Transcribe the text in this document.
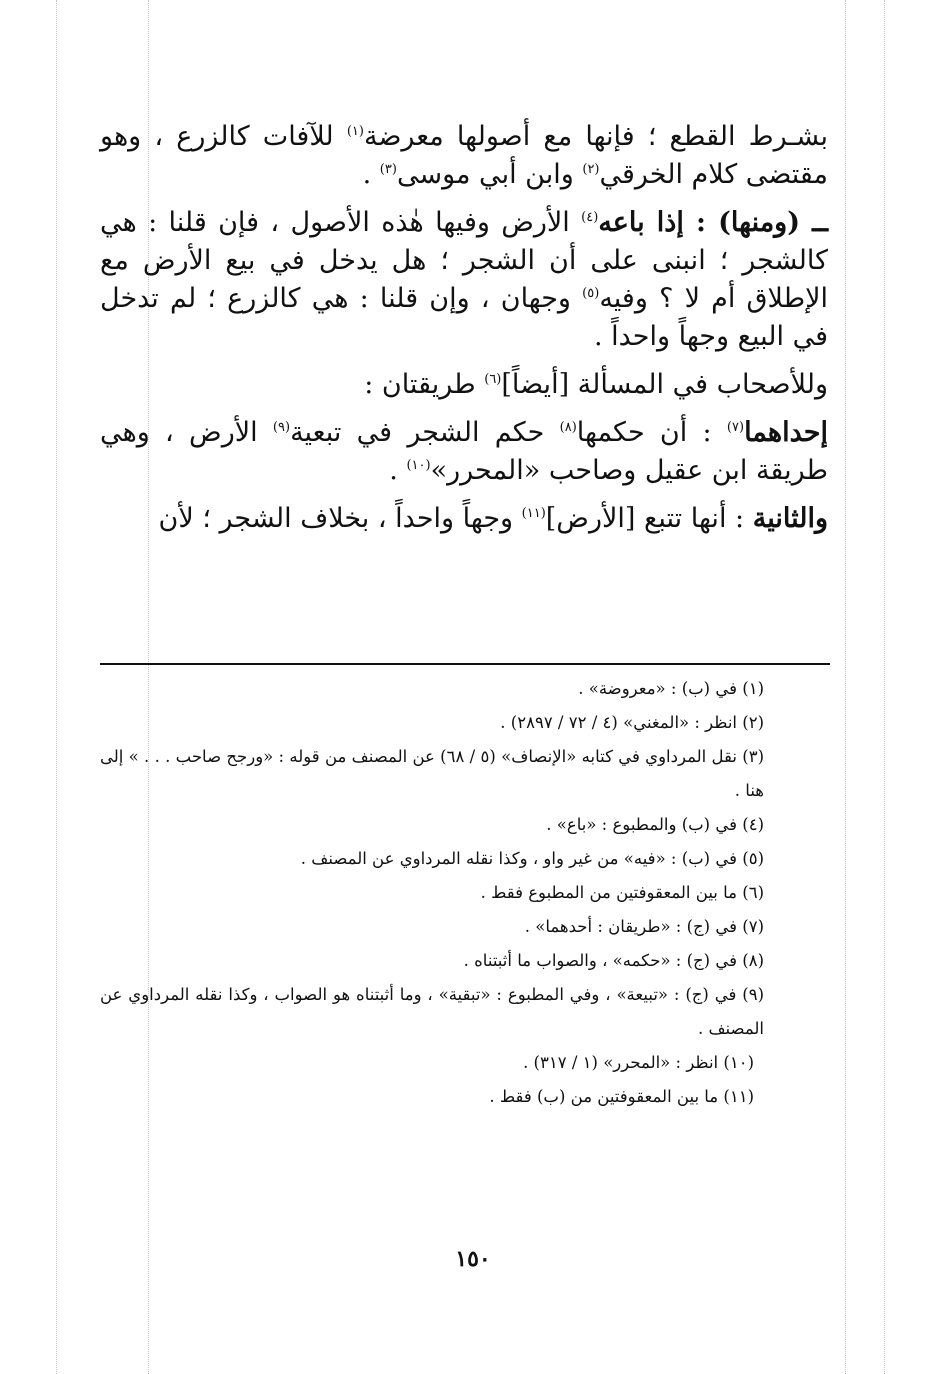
بشـرط القطع ؛ فإنها مع أصولها معرضة$^{(١)}$ للآفات كالزرع ، وهو مقتضى كلام الخرقي$^{(٢)}$ وابن أبي موسى$^{(٣)}$ .

ــ (ومنها) : إذا باعه$^{(٤)}$ الأرض وفيها هٰذه الأصول ، فإن قلنا : هي كالشجر ؛ انبنى على أن الشجر ؛ هل يدخل في بيع الأرض مع الإطلاق أم لا ؟ وفيه$^{(٥)}$ وجهان ، وإن قلنا : هي كالزرع ؛ لم تدخل في البيع وجهاً واحداً .

وللأصحاب في المسألة [أيضاً]$^{(٦)}$ طريقتان :

إحداهما$^{(٧)}$ : أن حكمها$^{(٨)}$ حكم الشجر في تبعية$^{(٩)}$ الأرض ، وهي طريقة ابن عقيل وصاحب «المحرر»$^{(١٠)}$ .

والثانية : أنها تتبع [الأرض]$^{(١١)}$ وجهاً واحداً ، بخلاف الشجر ؛ لأن

(١) في (ب) : «معروضة» .

(٢) انظر : «المغني» (٤ / ٧٢ / ٢٨٩٧) .

(٣) نقل المرداوي في كتابه «الإنصاف» (٥ / ٦٨) عن المصنف من قوله : «ورجح صاحب . . . » إلى هنا .

(٤) في (ب) والمطبوع : «باع» .

(٥) في (ب) : «فيه» من غير واو ، وكذا نقله المرداوي عن المصنف .

(٦) ما بين المعقوفتين من المطبوع فقط .

(٧) في (ج) : «طريقان : أحدهما» .

(٨) في (ج) : «حكمه» ، والصواب ما أثبتناه .

(٩) في (ج) : «تبيعة» ، وفي المطبوع : «تبقية» ، وما أثبتناه هو الصواب ، وكذا نقله المرداوي عن المصنف .

(١٠) انظر : «المحرر» (١ / ٣١٧) .

(١١) ما بين المعقوفتين من (ب) فقط .

١٥٠
